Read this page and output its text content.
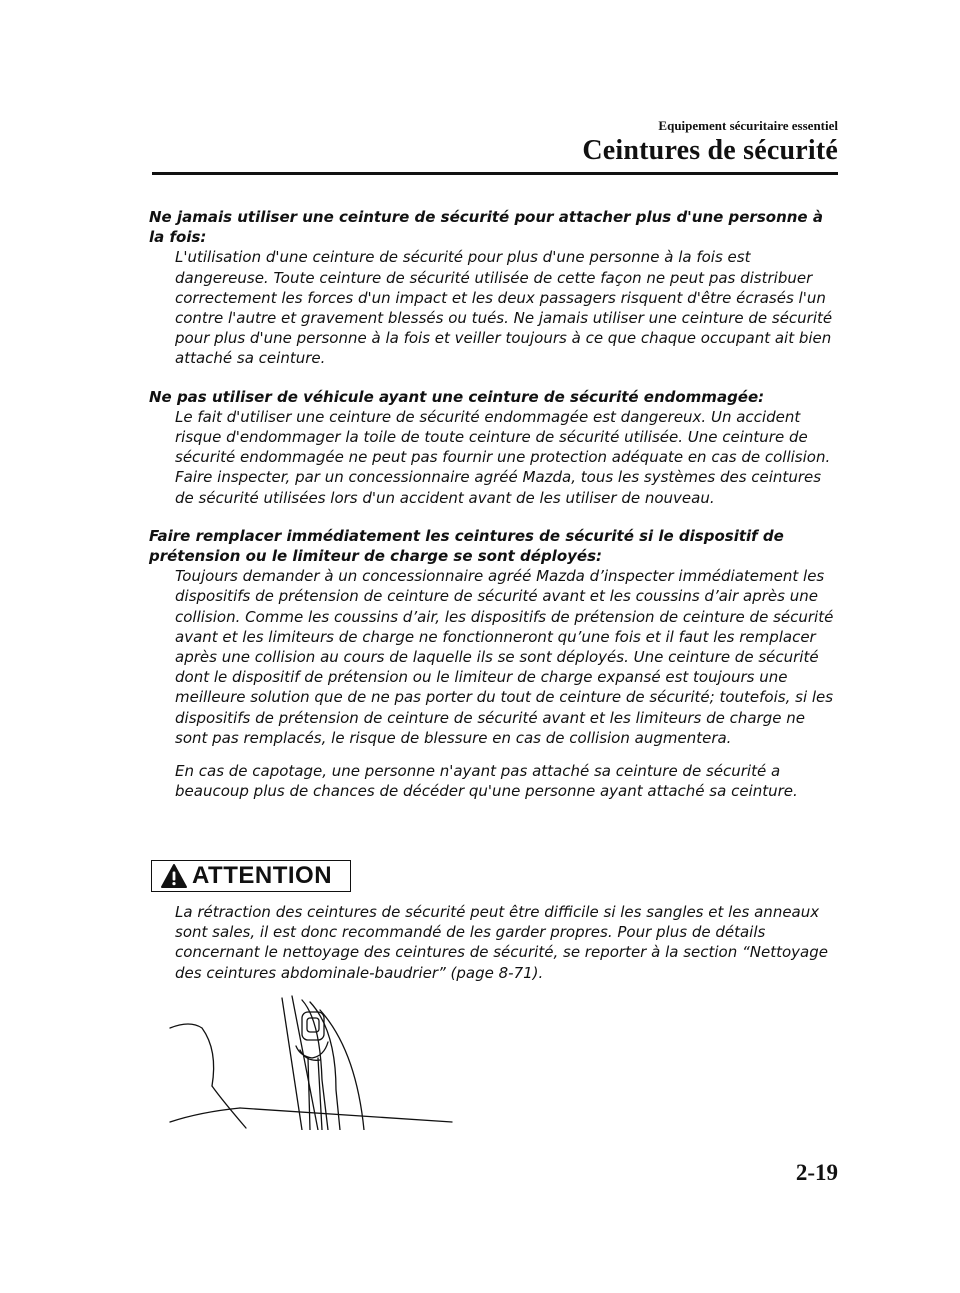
Equipement sécuritaire essentiel
Ceintures de sécurité
Ne jamais utiliser une ceinture de sécurité pour attacher plus d'une personne à la fois:
L'utilisation d'une ceinture de sécurité pour plus d'une personne à la fois est dangereuse. Toute ceinture de sécurité utilisée de cette façon ne peut pas distribuer correctement les forces d'un impact et les deux passagers risquent d'être écrasés l'un contre l'autre et gravement blessés ou tués. Ne jamais utiliser une ceinture de sécurité pour plus d'une personne à la fois et veiller toujours à ce que chaque occupant ait bien attaché sa ceinture.
Ne pas utiliser de véhicule ayant une ceinture de sécurité endommagée:
Le fait d'utiliser une ceinture de sécurité endommagée est dangereux. Un accident risque d'endommager la toile de toute ceinture de sécurité utilisée. Une ceinture de sécurité endommagée ne peut pas fournir une protection adéquate en cas de collision. Faire inspecter, par un concessionnaire agréé Mazda, tous les systèmes des ceintures de sécurité utilisées lors d'un accident avant de les utiliser de nouveau.
Faire remplacer immédiatement les ceintures de sécurité si le dispositif de prétension ou le limiteur de charge se sont déployés:
Toujours demander à un concessionnaire agréé Mazda d’inspecter immédiatement les dispositifs de prétension de ceinture de sécurité avant et les coussins d’air après une collision. Comme les coussins d’air, les dispositifs de prétension de ceinture de sécurité avant et les limiteurs de charge ne fonctionneront qu’une fois et il faut les remplacer après une collision au cours de laquelle ils se sont déployés. Une ceinture de sécurité dont le dispositif de prétension ou le limiteur de charge expansé est toujours une meilleure solution que de ne pas porter du tout de ceinture de sécurité; toutefois, si les dispositifs de prétension de ceinture de sécurité avant et les limiteurs de charge ne sont pas remplacés, le risque de blessure en cas de collision augmentera.
En cas de capotage, une personne n'ayant pas attaché sa ceinture de sécurité a beaucoup plus de chances de décéder qu'une personne ayant attaché sa ceinture.
ATTENTION
La rétraction des ceintures de sécurité peut être difficile si les sangles et les anneaux sont sales, il est donc recommandé de les garder propres. Pour plus de détails concernant le nettoyage des ceintures de sécurité, se reporter à la section “Nettoyage des ceintures abdominale-baudrier” (page 8-71).
2-19
